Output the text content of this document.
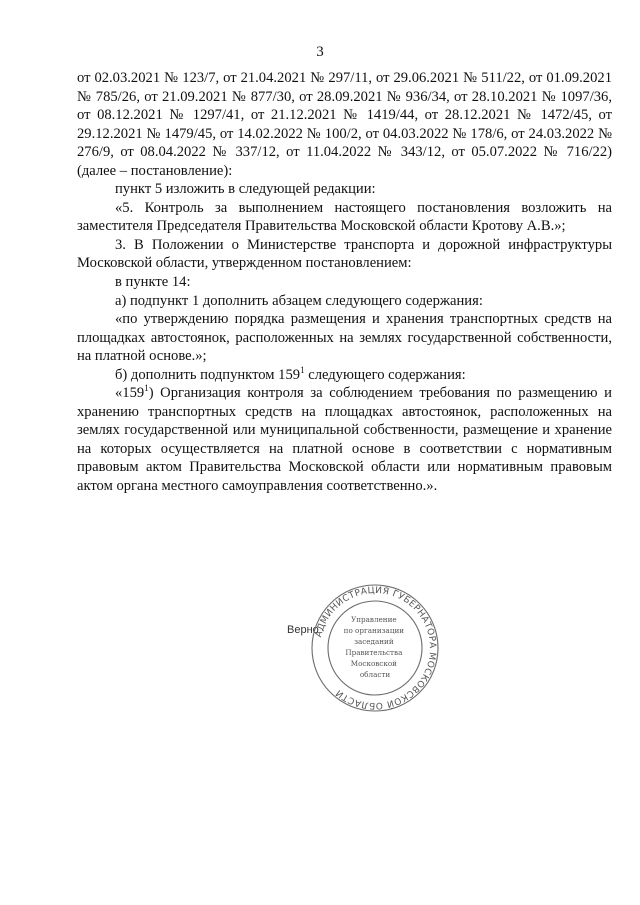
3

от 02.03.2021 № 123/7, от 21.04.2021 № 297/11, от 29.06.2021 № 511/22, от 01.09.2021 № 785/26, от 21.09.2021 № 877/30, от 28.09.2021 № 936/34, от 28.10.2021 № 1097/36, от 08.12.2021 № 1297/41, от 21.12.2021 № 1419/44, от 28.12.2021 № 1472/45, от 29.12.2021 № 1479/45, от 14.02.2022 № 100/2, от 04.03.2022 № 178/6, от 24.03.2022 № 276/9, от 08.04.2022 № 337/12, от 11.04.2022 № 343/12, от 05.07.2022 № 716/22) (далее – постановление):

пункт 5 изложить в следующей редакции:

«5. Контроль за выполнением настоящего постановления возложить на заместителя Председателя Правительства Московской области Кротову А.В.»;

3. В Положении о Министерстве транспорта и дорожной инфраструктуры Московской области, утвержденном постановлением:

в пункте 14:

а) подпункт 1 дополнить абзацем следующего содержания:

«по утверждению порядка размещения и хранения транспортных средств на площадках автостоянок, расположенных на землях государственной собственности, на платной основе.»;

б) дополнить подпунктом $159^1$ следующего содержания:

«$159^1$) Организация контроля за соблюдением требования по размещению и хранению транспортных средств на площадках автостоянок, расположенных на землях государственной или муниципальной собственности, размещение и хранение на которых осуществляется на платной основе в соответствии с нормативным правовым актом Правительства Московской области или нормативным правовым актом органа местного самоуправления соответственно.».

Верно
АДМИНИСТРАЦИЯ ГУБЕРНАТОРА МОСКОВСКОЙ ОБЛАСТИ
Управление по организации заседаний Правительства Московской области
